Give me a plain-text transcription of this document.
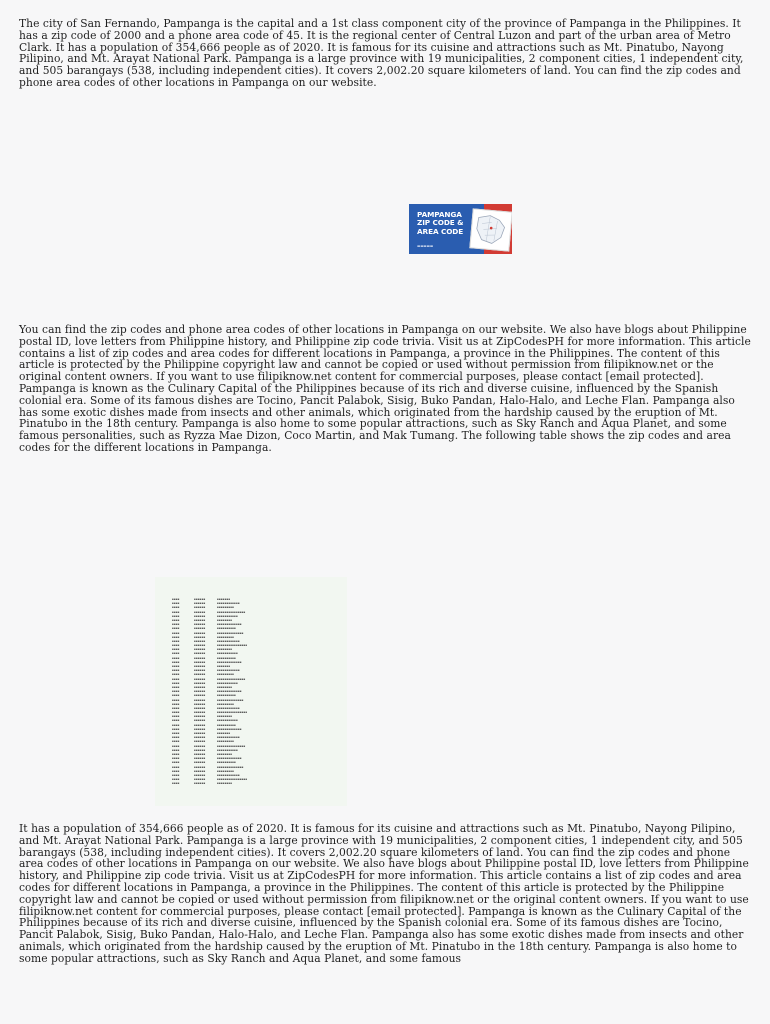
The city of San Fernando, Pampanga is the capital and a 1st class component city of the province of Pampanga in the Philippines. It has a zip code of 2000 and a phone area code of 45. It is the regional center of Central Luzon and part of the urban area of Metro Clark. It has a population of 354,666 people as of 2020. It is famous for its cuisine and attractions such as Mt. Pinatubo, Nayong Pilipino, and Mt. Arayat National Park. Pampanga is a large province with 19 municipalities, 2 component cities, 1 independent city, and 505 barangays (538, including independent cities). It covers 2,002.20 square kilometers of land. You can find the zip codes and phone area codes of other locations in Pampanga on our website.

PAMPANGA ZIP CODE & AREA CODE
▬▬▬▬▬

You can find the zip codes and phone area codes of other locations in Pampanga on our website. We also have blogs about Philippine postal ID, love letters from Philippine history, and Philippine zip code trivia. Visit us at ZipCodesPH for more information. This article contains a list of zip codes and area codes for different locations in Pampanga, a province in the Philippines. The content of this article is protected by the Philippine copyright law and cannot be copied or used without permission from filipiknow.net or the original content owners. If you want to use filipiknow.net content for commercial purposes, please contact [email protected]. Pampanga is known as the Culinary Capital of the Philippines because of its rich and diverse cuisine, influenced by the Spanish colonial era. Some of its famous dishes are Tocino, Pancit Palabok, Sisig, Buko Pandan, Halo-Halo, and Leche Flan. Pampanga also has some exotic dishes made from insects and other animals, which originated from the hardship caused by the eruption of Mt. Pinatubo in the 18th century. Pampanga is also home to some popular attractions, such as Sky Ranch and Aqua Planet, and some famous personalities, such as Ryzza Mae Dizon, Coco Martin, and Mak Tumang. The following table shows the zip codes and area codes for the different locations in Pampanga.

▪▪▪▪	▪▪▪▪▪▪	▪▪▪▪▪▪▪
▪▪▪▪	▪▪▪▪▪▪	▪▪▪▪▪▪▪▪▪▪▪▪
▪▪▪▪	▪▪▪▪▪▪	▪▪▪▪▪▪▪▪▪
▪▪▪▪	▪▪▪▪▪▪	▪▪▪▪▪▪▪▪▪▪▪▪▪▪▪
▪▪▪▪	▪▪▪▪▪▪	▪▪▪▪▪▪▪▪▪▪▪
▪▪▪▪	▪▪▪▪▪▪	▪▪▪▪▪▪▪▪
▪▪▪▪	▪▪▪▪▪▪	▪▪▪▪▪▪▪▪▪▪▪▪▪
▪▪▪▪	▪▪▪▪▪▪	▪▪▪▪▪▪▪▪▪▪
▪▪▪▪	▪▪▪▪▪▪	▪▪▪▪▪▪▪▪▪▪▪▪▪▪
▪▪▪▪	▪▪▪▪▪▪	▪▪▪▪▪▪▪▪▪
▪▪▪▪	▪▪▪▪▪▪	▪▪▪▪▪▪▪▪▪▪▪▪
▪▪▪▪	▪▪▪▪▪▪	▪▪▪▪▪▪▪▪▪▪▪▪▪▪▪▪
▪▪▪▪	▪▪▪▪▪▪	▪▪▪▪▪▪▪▪
▪▪▪▪	▪▪▪▪▪▪	▪▪▪▪▪▪▪▪▪▪▪
▪▪▪▪	▪▪▪▪▪▪	▪▪▪▪▪▪▪▪▪▪
▪▪▪▪	▪▪▪▪▪▪	▪▪▪▪▪▪▪▪▪▪▪▪▪
▪▪▪▪	▪▪▪▪▪▪	▪▪▪▪▪▪▪
▪▪▪▪	▪▪▪▪▪▪	▪▪▪▪▪▪▪▪▪▪▪▪
▪▪▪▪	▪▪▪▪▪▪	▪▪▪▪▪▪▪▪▪
▪▪▪▪	▪▪▪▪▪▪	▪▪▪▪▪▪▪▪▪▪▪▪▪▪▪
▪▪▪▪	▪▪▪▪▪▪	▪▪▪▪▪▪▪▪▪▪▪
▪▪▪▪	▪▪▪▪▪▪	▪▪▪▪▪▪▪▪
▪▪▪▪	▪▪▪▪▪▪	▪▪▪▪▪▪▪▪▪▪▪▪▪
▪▪▪▪	▪▪▪▪▪▪	▪▪▪▪▪▪▪▪▪▪
▪▪▪▪	▪▪▪▪▪▪	▪▪▪▪▪▪▪▪▪▪▪▪▪▪
▪▪▪▪	▪▪▪▪▪▪	▪▪▪▪▪▪▪▪▪
▪▪▪▪	▪▪▪▪▪▪	▪▪▪▪▪▪▪▪▪▪▪▪
▪▪▪▪	▪▪▪▪▪▪	▪▪▪▪▪▪▪▪▪▪▪▪▪▪▪▪
▪▪▪▪	▪▪▪▪▪▪	▪▪▪▪▪▪▪▪
▪▪▪▪	▪▪▪▪▪▪	▪▪▪▪▪▪▪▪▪▪▪
▪▪▪▪	▪▪▪▪▪▪	▪▪▪▪▪▪▪▪▪▪
▪▪▪▪	▪▪▪▪▪▪	▪▪▪▪▪▪▪▪▪▪▪▪▪
▪▪▪▪	▪▪▪▪▪▪	▪▪▪▪▪▪▪
▪▪▪▪	▪▪▪▪▪▪	▪▪▪▪▪▪▪▪▪▪▪▪
▪▪▪▪	▪▪▪▪▪▪	▪▪▪▪▪▪▪▪▪
▪▪▪▪	▪▪▪▪▪▪	▪▪▪▪▪▪▪▪▪▪▪▪▪▪▪
▪▪▪▪	▪▪▪▪▪▪	▪▪▪▪▪▪▪▪▪▪▪
▪▪▪▪	▪▪▪▪▪▪	▪▪▪▪▪▪▪▪
▪▪▪▪	▪▪▪▪▪▪	▪▪▪▪▪▪▪▪▪▪▪▪▪
▪▪▪▪	▪▪▪▪▪▪	▪▪▪▪▪▪▪▪▪▪
▪▪▪▪	▪▪▪▪▪▪	▪▪▪▪▪▪▪▪▪▪▪▪▪▪
▪▪▪▪	▪▪▪▪▪▪	▪▪▪▪▪▪▪▪▪
▪▪▪▪	▪▪▪▪▪▪	▪▪▪▪▪▪▪▪▪▪▪▪
▪▪▪▪	▪▪▪▪▪▪	▪▪▪▪▪▪▪▪▪▪▪▪▪▪▪▪
▪▪▪▪	▪▪▪▪▪▪	▪▪▪▪▪▪▪▪

It has a population of 354,666 people as of 2020. It is famous for its cuisine and attractions such as Mt. Pinatubo, Nayong Pilipino, and Mt. Arayat National Park. Pampanga is a large province with 19 municipalities, 2 component cities, 1 independent city, and 505 barangays (538, including independent cities). It covers 2,002.20 square kilometers of land. You can find the zip codes and phone area codes of other locations in Pampanga on our website. We also have blogs about Philippine postal ID, love letters from Philippine history, and Philippine zip code trivia. Visit us at ZipCodesPH for more information. This article contains a list of zip codes and area codes for different locations in Pampanga, a province in the Philippines. The content of this article is protected by the Philippine copyright law and cannot be copied or used without permission from filipiknow.net or the original content owners. If you want to use filipiknow.net content for commercial purposes, please contact [email protected]. Pampanga is known as the Culinary Capital of the Philippines because of its rich and diverse cuisine, influenced by the Spanish colonial era. Some of its famous dishes are Tocino, Pancit Palabok, Sisig, Buko Pandan, Halo-Halo, and Leche Flan. Pampanga also has some exotic dishes made from insects and other animals, which originated from the hardship caused by the eruption of Mt. Pinatubo in the 18th century. Pampanga is also home to some popular attractions, such as Sky Ranch and Aqua Planet, and some famous
